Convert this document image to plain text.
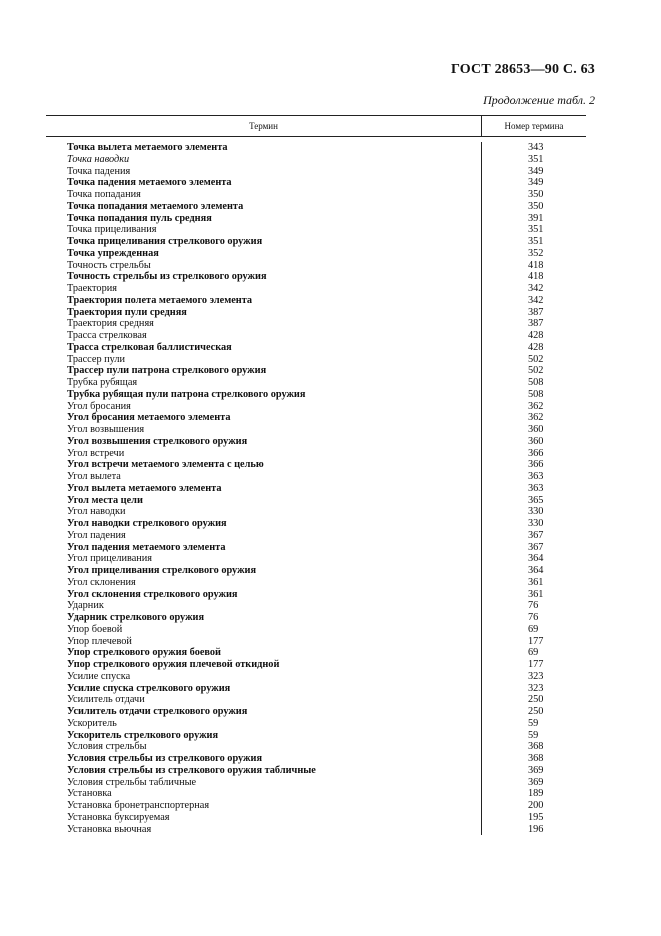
ГОСТ 28653—90 С. 63
Продолжение табл. 2
Термин	Номер термина
Точка вылета метаемого элемента
Точка наводки
Точка падения
Точка падения метаемого элемента
Точка попадания
Точка попадания метаемого элемента
Точка попадания пуль средняя
Точка прицеливания
Точка прицеливания стрелкового оружия
Точка упрежденная
Точность стрельбы
Точность стрельбы из стрелкового оружия
Траектория
Траектория полета метаемого элемента
Траектория пули средняя
Траектория средняя
Трасса стрелковая
Трасса стрелковая баллистическая
Трассер пули
Трассер пули патрона стрелкового оружия
Трубка рубящая
Трубка рубящая пули патрона стрелкового оружия
Угол бросания
Угол бросания метаемого элемента
Угол возвышения
Угол возвышения стрелкового оружия
Угол встречи
Угол встречи метаемого элемента с целью
Угол вылета
Угол вылета метаемого элемента
Угол места цели
Угол наводки
Угол наводки стрелкового оружия
Угол падения
Угол падения метаемого элемента
Угол прицеливания
Угол прицеливания стрелкового оружия
Угол склонения
Угол склонения стрелкового оружия
Ударник
Ударник стрелкового оружия
Упор боевой
Упор плечевой
Упор стрелкового оружия боевой
Упор стрелкового оружия плечевой откидной
Усилие спуска
Усилие спуска стрелкового оружия
Усилитель отдачи
Усилитель отдачи стрелкового оружия
Ускоритель
Ускоритель стрелкового оружия
Условия стрельбы
Условия стрельбы из стрелкового оружия
Условия стрельбы из стрелкового оружия табличные
Условия стрельбы табличные
Установка
Установка бронетранспортерная
Установка буксируемая
Установка вьючная
343
351
349
349
350
350
391
351
351
352
418
418
342
342
387
387
428
428
502
502
508
508
362
362
360
360
366
366
363
363
365
330
330
367
367
364
364
361
361
76
76
69
177
69
177
323
323
250
250
59
59
368
368
369
369
189
200
195
196
